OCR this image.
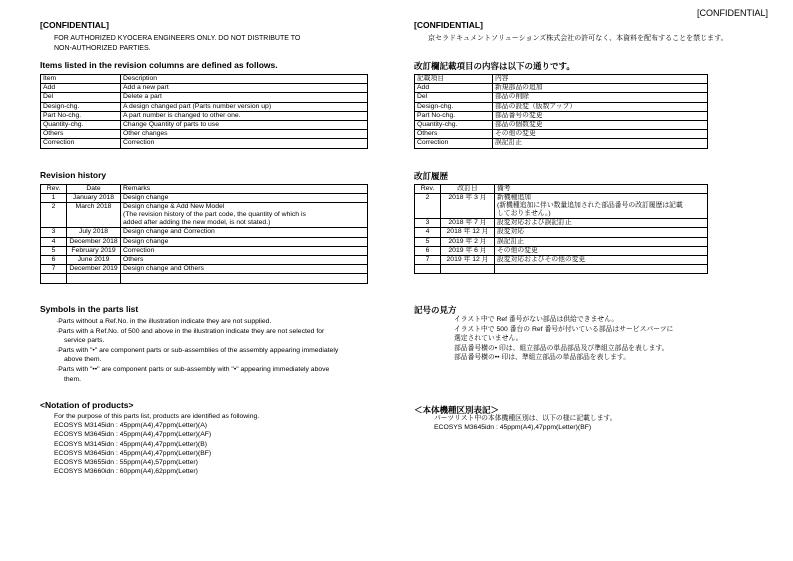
[CONFIDENTIAL]
[CONFIDENTIAL]
FOR AUTHORIZED KYOCERA ENGINEERS ONLY. DO NOT DISTRIBUTE TO
NON-AUTHORIZED PARTIES.
Items listed in the revision columns are defined as follows.
Item	Description
Add	Add a new part
Del	Delete a part
Design-chg.	A design changed part (Parts number version up)
Part No-chg.	A part number is changed to other one.
Quantity-chg.	Change Quantity of parts to use
Others	Other changes
Correction	Correction
Revision history
Rev.	Date	Remarks
1	January 2018	Design change

2	March 2018	Design change & Add New Model
(The revision history of the part code, the quantity of which is
added after adding the new model, is not stated.)

3	July 2018	Design change and Correction

4	December 2018	Design change

5	February 2019	Correction

6	June 2019	Others

7	December 2019	Design change and Others

Symbols in the parts list
·Parts without a Ref.No. in the illustration indicate they are not supplied.
·Parts with a Ref.No. of 500 and above in the illustration indicate they are not selected for
service parts.
·Parts with "•" are component parts or sub-assemblies of the assembly appearing immediately
above them.
·Parts with "••" are component parts or sub-assembly with "•" appearing immediately above
them.
<Notation of products>
For the purpose of this parts list, products are identified as following.
ECOSYS M3145idn : 45ppm(A4),47ppm(Letter)(A)
ECOSYS M3645idn : 45ppm(A4),47ppm(Letter)(AF)
ECOSYS M3145idn : 45ppm(A4),47ppm(Letter)(B)
ECOSYS M3645idn : 45ppm(A4),47ppm(Letter)(BF)
ECOSYS M3655idn : 55ppm(A4),57ppm(Letter)
ECOSYS M3660idn : 60ppm(A4),62ppm(Letter)
[CONFIDENTIAL]
京セラドキュメントソリューションズ株式会社の許可なく、本資料を配布することを禁じます。
改訂欄記載項目の内容は以下の通りです。
記載項目	内容
Add	新規部品の追加
Del	部品の削除
Design-chg.	部品の設変（版数アップ）
Part No-chg.	部品番号の変更
Quantity-chg.	部品の個数変更
Others	その他の変更
Correction	誤記訂正
改訂履歴
Rev.	改訂日	備考
2	2018 年 3 月	新機種追加
(新機種追加に伴い数量追加された部品番号の改訂履歴は記載
しておりません。)

3	2018 年 7 月	設変対応および誤記訂正

4	2018 年 12 月	設変対応

5	2019 年 2 月	誤記訂正

6	2019 年 6 月	その他の変更

7	2019 年 12 月	設変対応およびその他の変更

記号の見方
イラスト中で Ref 番号がない部品は供給できません。
イラスト中で 500 番台の Ref 番号が付いている部品はサービスパーツに
選定されていません。
部品番号横の• 印は、組立部品の単品部品及び準組立部品を表します。
部品番号横の•• 印は、準組立部品の単品部品を表します。
＜本体機種区別表記＞
パーツリスト中の本体機種区別は、以下の様に記載します。
ECOSYS M3645idn : 45ppm(A4),47ppm(Letter)(BF)
